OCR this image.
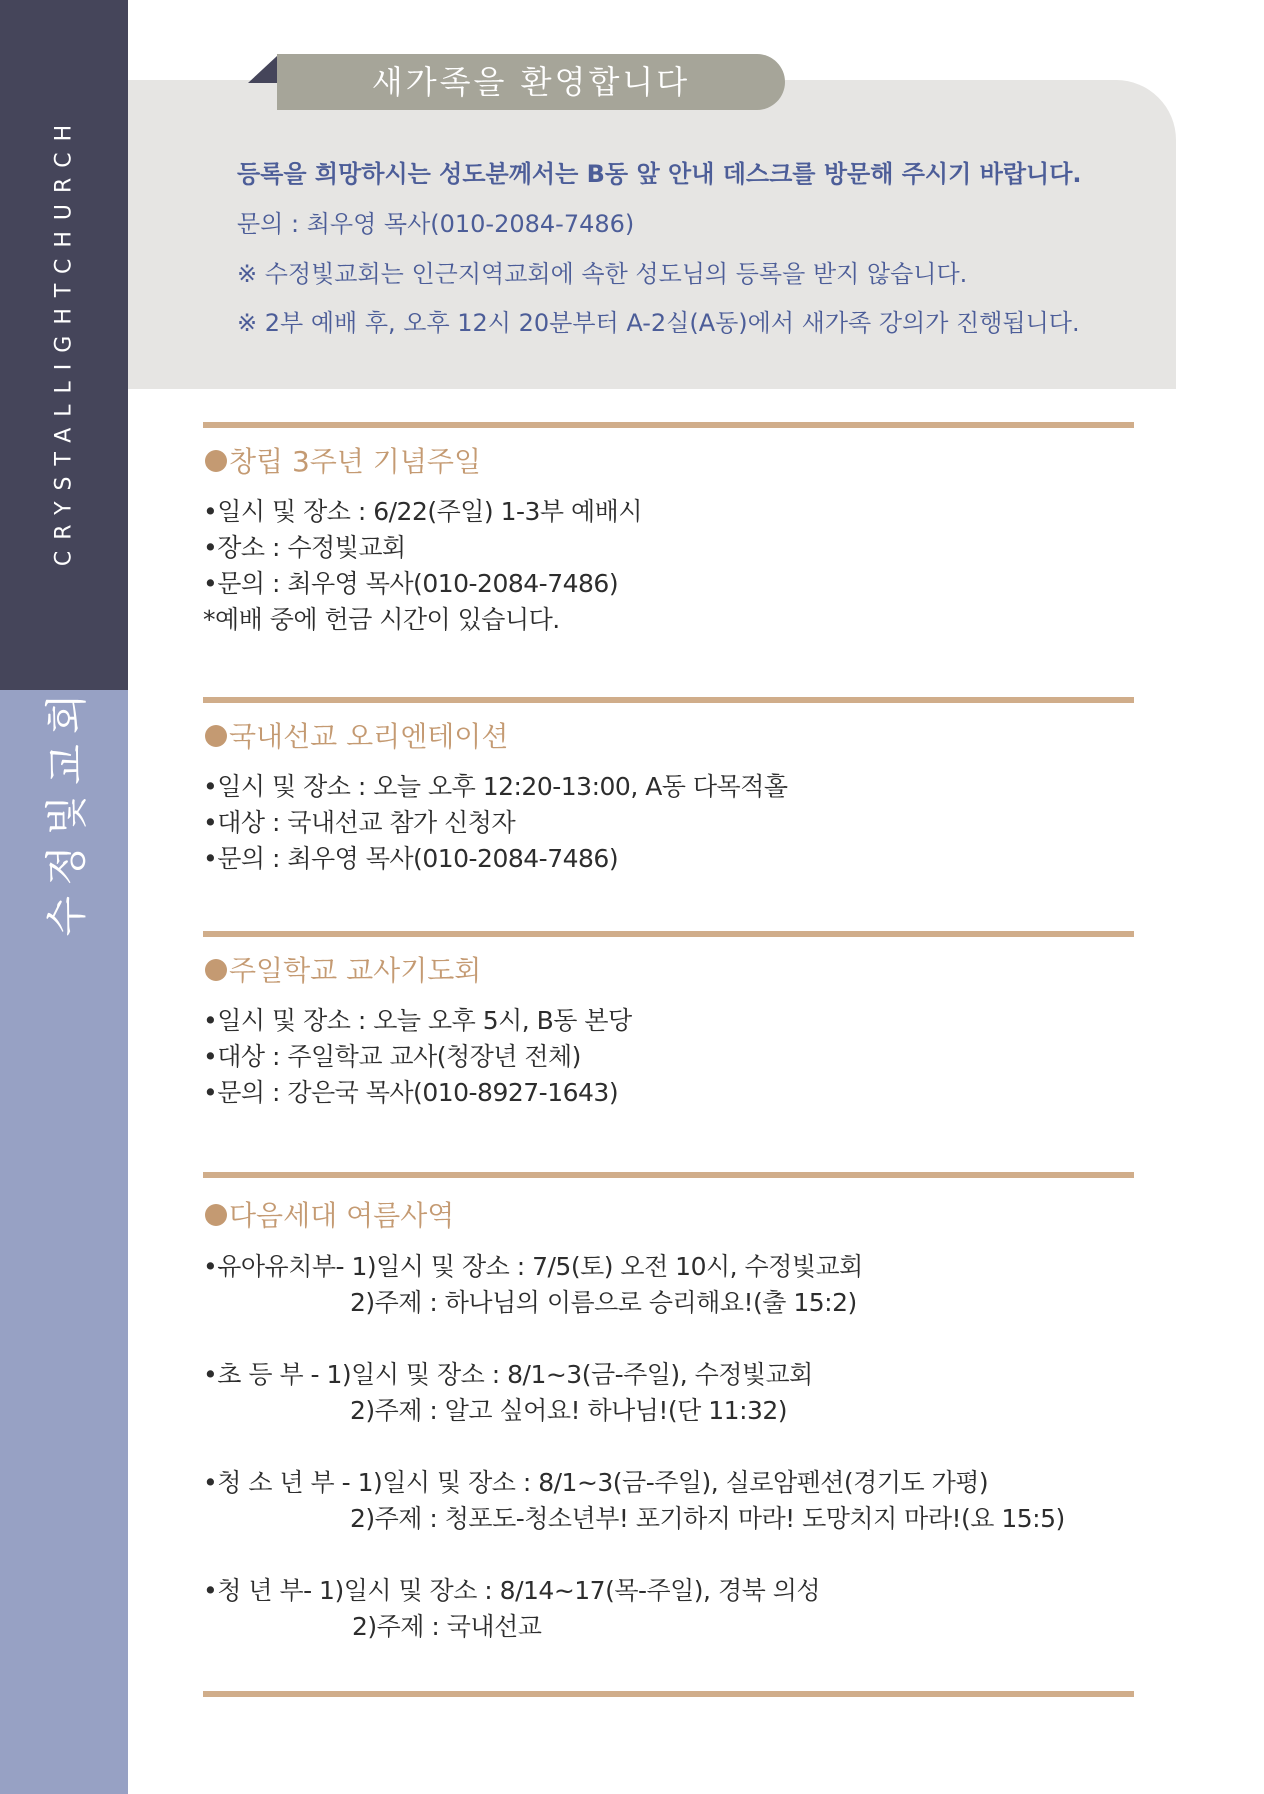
CRYSTALLIGHTCHURCH
수정빛교회
새가족을 환영합니다
등록을 희망하시는 성도분께서는 B동 앞 안내 데스크를 방문해 주시기 바랍니다.
문의 : 최우영 목사(010-2084-7486)
※ 수정빛교회는 인근지역교회에 속한 성도님의 등록을 받지 않습니다.
※ 2부 예배 후, 오후 12시 20분부터 A-2실(A동)에서 새가족 강의가 진행됩니다.
창립 3주년 기념주일
•일시 및 장소 : 6/22(주일) 1-3부 예배시
•장소 : 수정빛교회
•문의 : 최우영 목사(010-2084-7486)
*예배 중에 헌금 시간이 있습니다.
국내선교 오리엔테이션
•일시 및 장소 : 오늘 오후 12:20-13:00, A동 다목적홀
•대상 : 국내선교 참가 신청자
•문의 : 최우영 목사(010-2084-7486)
주일학교 교사기도회
•일시 및 장소 : 오늘 오후 5시, B동 본당
•대상 : 주일학교 교사(청장년 전체)
•문의 : 강은국 목사(010-8927-1643)
다음세대 여름사역
•유아유치부- 1)일시 및 장소 : 7/5(토) 오전 10시, 수정빛교회
2)주제 : 하나님의 이름으로 승리해요!(출 15:2)
•초 등 부 - 1)일시 및 장소 : 8/1~3(금-주일), 수정빛교회
2)주제 : 알고 싶어요! 하나님!(단 11:32)
•청 소 년 부 - 1)일시 및 장소 : 8/1~3(금-주일), 실로암펜션(경기도 가평)
2)주제 : 청포도-청소년부! 포기하지 마라! 도망치지 마라!(요 15:5)
•청 년 부- 1)일시 및 장소 : 8/14~17(목-주일), 경북 의성
2)주제 : 국내선교
